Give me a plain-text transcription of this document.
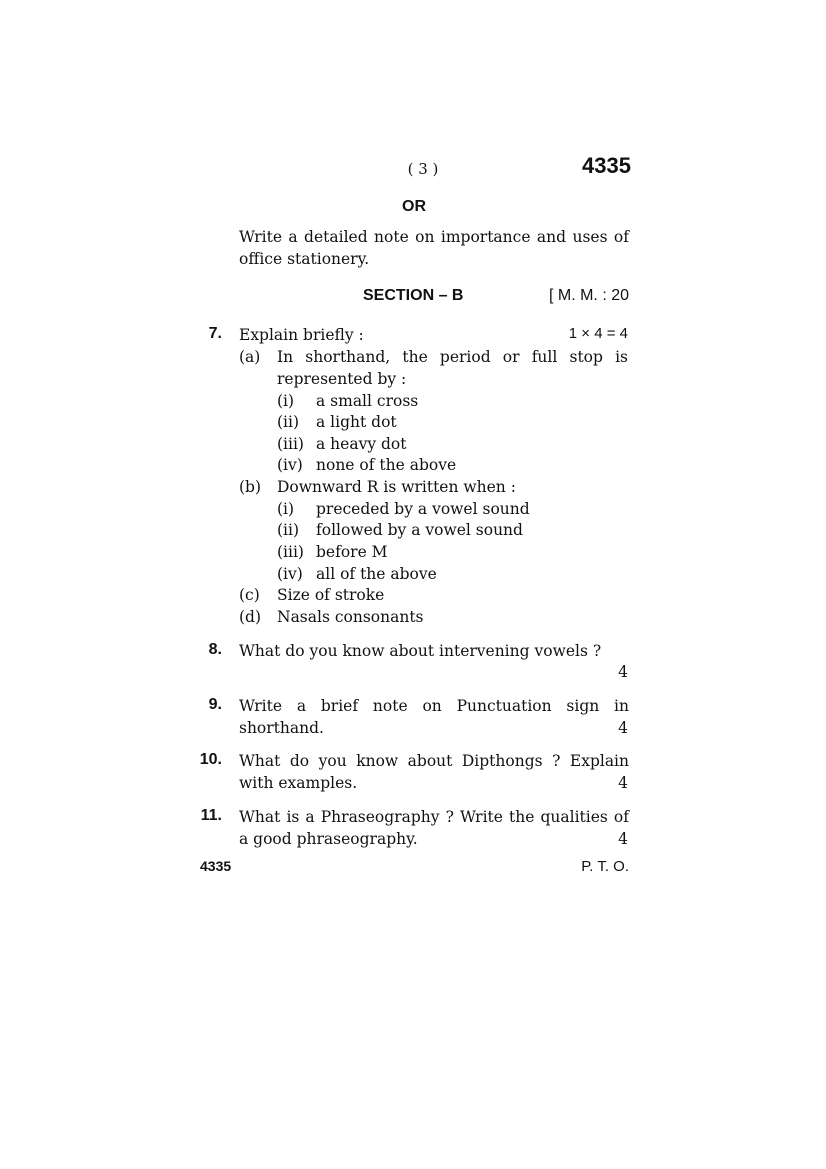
( 3 )	4335
OR
Write a detailed note on importance and uses of
office stationery.
SECTION – B	[ M. M. : 20
7. Explain briefly :	1 × 4 = 4
(a) In shorthand, the period or full stop is
represented by :
(i) a small cross
(ii) a light dot
(iii) a heavy dot
(iv) none of the above
(b) Downward R is written when :
(i) preceded by a vowel sound
(ii) followed by a vowel sound
(iii) before M
(iv) all of the above
(c) Size of stroke
(d) Nasals consonants
8. What do you know about intervening vowels ?
4
9. Write a brief note on Punctuation sign in
shorthand.	4
10. What do you know about Dipthongs ? Explain
with examples.	4
11. What is a Phraseography ? Write the qualities of
a good phraseography.	4
4335	P. T. O.
